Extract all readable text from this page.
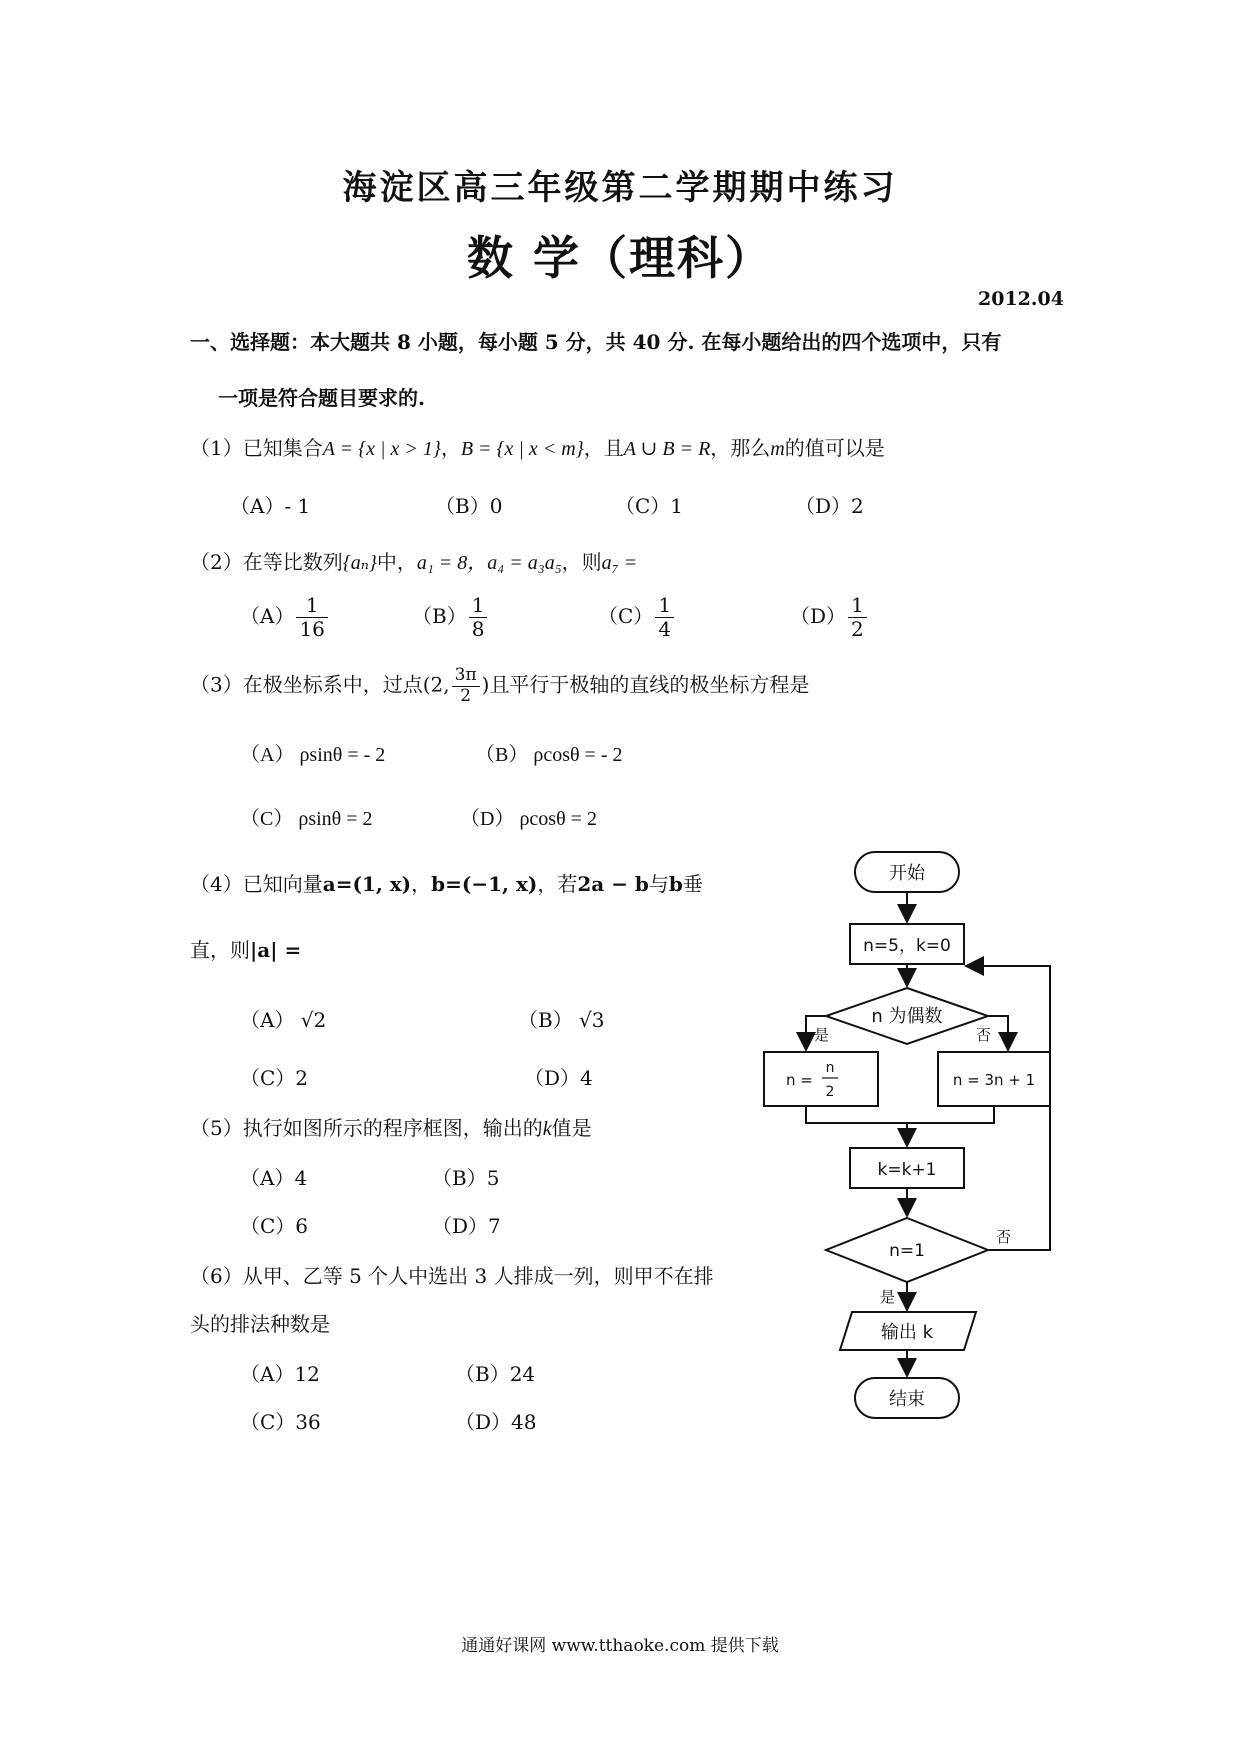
海淀区高三年级第二学期期中练习
数 学（理科）
2012.04
一、选择题：本大题共 8 小题，每小题 5 分，共 40 分. 在每小题给出的四个选项中，只有
一项是符合题目要求的.
（1）已知集合A = {x | x > 1}，B = {x | x < m}，且A ∪ B = R，那么m的值可以是
（A）- 1	（B）0	（C）1	（D）2
（2）在等比数列{aₙ}中，a₁ = 8，a₄ = a₃a₅，则a₇ =
$(A) \frac{1}{16}$	$(B) \frac{1}{8}$	$(C) \frac{1}{4}$	$(D) \frac{1}{2}$
（3）在极坐标系中，过点(2, $\frac{3\pi}{2}$ )且平行于极轴的直线的极坐标方程是
（A） ρsinθ = - 2	（B） ρcosθ = - 2
（C） ρsinθ = 2	（D） ρcosθ = 2
（4）已知向量a=(1, x)，b=(−1, x)，若2a − b与b垂
直，则|a| =
（A） √2	（B） √3
（C）2	（D）4
（5）执行如图所示的程序框图，输出的k值是
（A）4	（B）5
（C）6	（D）7
（6）从甲、乙等 5 个人中选出 3 人排成一列，则甲不在排
头的排法种数是
（A）12	（B）24
（C）36	（D）48
开始
n=5，k=0
n 为偶数
是	否
n =
n
2
n = 3n + 1
k=k+1
n=1
否
是
输出 k
结束
通通好课网 www.tthaoke.com 提供下载
